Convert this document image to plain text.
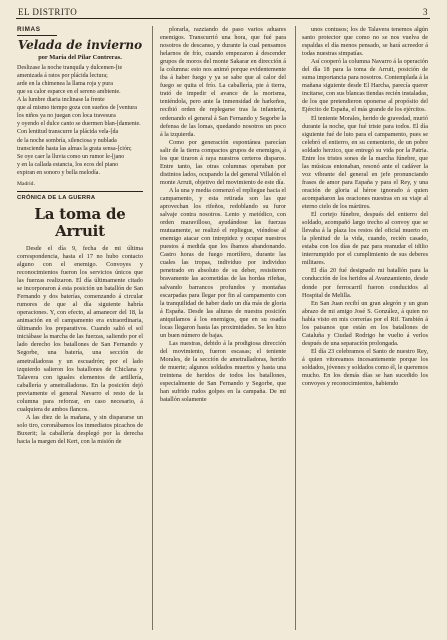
EL DISTRITO	3
RIMAS
Velada de invierno
por María del Pilar Contreras.

Deslizase la noche tranquila y dulcemen-[te

amenizada á ratos por plácida lectura;

arde en la chimenea la llama roja y pura

que su calor esparce en el sereno ambiente.

A la lumbre diaria inclinase la frente

que al mismo tiempo goza con sueños de [ventura

los niños ya no juegan con loca travesura

y oyendo el dulce canto se duermen blan-[damente.

Con lentitud transcurre la plácida vela-[da

de la noche sombría, silenciosa y nublada

transciende hasta las almas la grata sensa-[ción;

Se oye caer la lluvia como un rumor le-[jano

y en la callada estancia, los ecos del piano

expiran en sonoro y bella melodía.

Madrid.
CRÓNICA DE LA GUERRA
La toma de Arruit

Desde el día 9, fecha de mi última correspondencia, hasta el 17 no hubo contacto alguno con el enemigo. Convoyes y reconocimientos fueron los servicios únicos que las fuerzas realizaron. El día últimamente citado se incorporaron á esta posición un batallón de San Fernando y dos baterías, comenzando á circular rumores de que al día siguiente habría operaciones. Y, con efecto, al amanecer del 18, la animación en el campamento era extraordinaria, últimando los preparativos. Cuando salió el sol iniciábase la marcha de las fuerzas, saliendo por el lado derecho los batallones de San Fernando y Segorbe, una batería, una sección de ametralladoras y un escuadrón; por el lado izquierdo salieron los batallones de Chiclana y Talavera con iguales elementos de artillería, caballería y ametralladoras. En la posición dejó previamente el general Navarro el resto de la columna para reforzar, en caso necesario, á cualquiera de ambos flancos.

A las diez de la mañana, y sin dispararse un solo tiro, coronábamos los inmediatos picachos de Buxerit; la caballería desplegó por la derecha hacia la margen del Kert, con la misión de

plorarla, razziando de paso varios aduares enemigos. Transcurrió una hora, que fué para nosotros de descanso, y durante la cual pensamos helarnos de frío, cuando empezaron á descender grupos de moros del monte Sakarar en dirección á la columna: esto nos animó porque evidentemente iba á haber fuego y ya se sabe que al calor del fuego se quita el frío. La caballería, pie á tierra, trató de impedir el avance de la morisma, teniéndola, pero ante la inmensidad de harkeños, recibió orden de replegarse tras la infantería, ordenando el general á San Fernando y Segorbe la defensa de las lomas, quedando nosotros un poco á la izquierda.

Como por generación espontánea parecían salir de la tierra compactos grupos de enemigos, á los que tiraron á raya nuestros certeros disparos. Entre tanto, las otras columnas operaban por distintos lados, ocupando la del general Villalón el monte Arruit, objetivo del movimiento de este día.

A la una y media comenzó el repliegue hacia el campamento, y esta retirada son las que aprovechan los rifeños, redoblando su furor salvaje contra nosotros. Lento y metódico, con orden maravilloso, ayudándose las fuerzas mutuamente, se realizó el repliegue, viéndose al enemigo atacar con intrepidez y ocupar nuestros puestos á medida que los íbamos abandonando. Castro horas de fuego mortífero, durante las cuales las tropas, individuo por individuo penetrado en absoluto de su deber, resistieron bravamente las acometidas de las hordas rifeñas, salvando barrancos profundos y montañas escarpadas para llegar por fin al campamento con la tranquilidad de haber dado un día más de gloria á España. Desde las alturas de nuestra posición aniquilamos á los enemigos, que en su osadía locas llegaron hasta las proximidades. Se les hizo un buen número de bajas.

Las nuestras, debido á la prodigiosa dirección del movimiento, fueron escasas; el teniente Morales, de la sección de ametralladoras, herido de muerte; algunos soldados muertos y hasta una treintena de heridos de todos los batallones, especialmente de San Fernando y Segorbe, que han sufrido rudos golpes en la campaña. De mi batallón solamente

unos contusos; los de Talavera tenemos algún santo protector que como no se nos vuelva de espaldas el día menos pensado, se hará acreedor á todas nuestras simpatías.

Así cooperó la columna Navarro á la operación del día 18 para la toma de Arruit, posición de suma importancia para nosotros. Contemplada á la mañana siguiente desde El Harcha, parecía querer incitarse, con sus blancas tiendas recién instaladas, de los que pretendieron oponerse al propósito del Ejército de España, el más grande de los ejércitos.

El teniente Morales, herido de gravedad, murió durante la noche, que fué triste para todos. El día siguiente fué de luto para el campamento, pues se celebró el entierro, en su cementerio, de un pobre soldado herzico, que entregó su vida por la Patria. Entre los tristes sones de la marcha fúnebre, que las músicas entonaban, resonó ante el cadáver la voz vibrante del general en jefe pronunciando frases de amor para España y para el Rey, y una oración de gloria al héroe ignorado á quien acompañaron las oraciones nuestras en su viaje al eterno cielo de los mártires.

El cortejo fúnebre, después del entierro del soldado, acompañó largo trecho al convoy que se llevaba á la plaza los restos del oficial muerto en la plenitud de la vida, cuando, recién casado, estaba con los días de paz para reanudar el idilio interrumpido por el cumplimiento de sus deberes militares.

El día 20 fué designado mi batallón para la conducción de los heridos al Avanzamiento, desde donde por ferrocarril fueron conducidos al Hospital de Melilla.

En San Juan recibí un gran alegrón y un gran abrazo de mi amigo José S. González, á quien no había visto en mis correrías por el Rif. También á los paisanos que están en los batallones de Cataluña y Ciudad Rodrigo he vuelto á verlos después de una separación prolongada.

El día 23 celebramos el Santo de nuestro Rey, á quien vitoreamos incesantemente porque los soldados, jóvenes y soldados como él, le queremos mucho. En los demás días se han sucedido los convoyes y reconocimientos, habiendo
